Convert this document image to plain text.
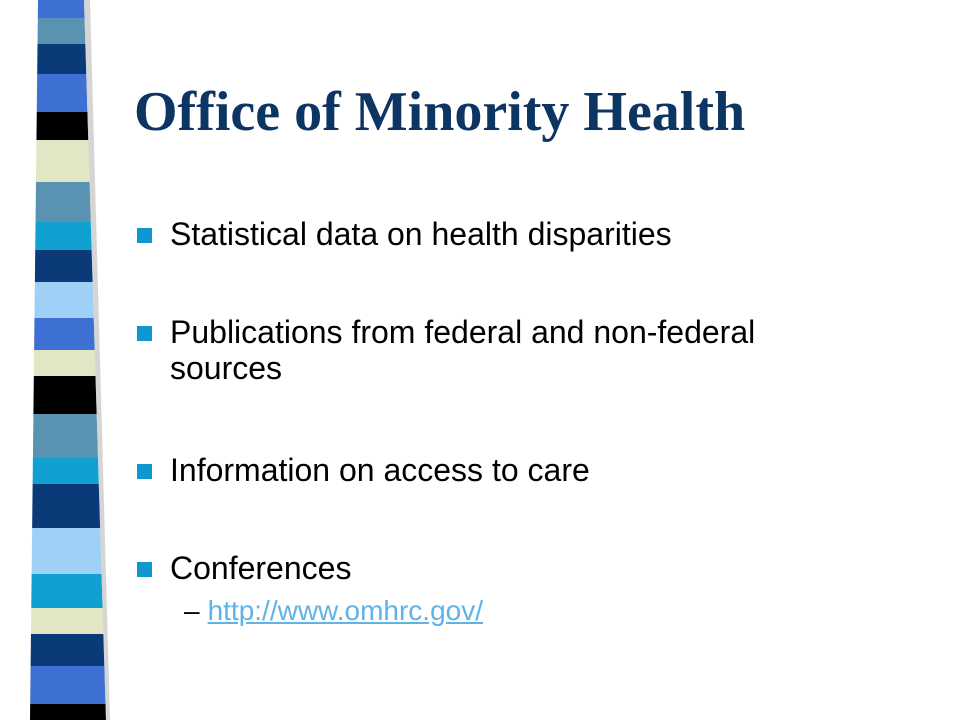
Office of Minority Health
Statistical data on health disparities
Publications from federal and non-federal sources
Information on access to care
Conferences
– http://www.omhrc.gov/
